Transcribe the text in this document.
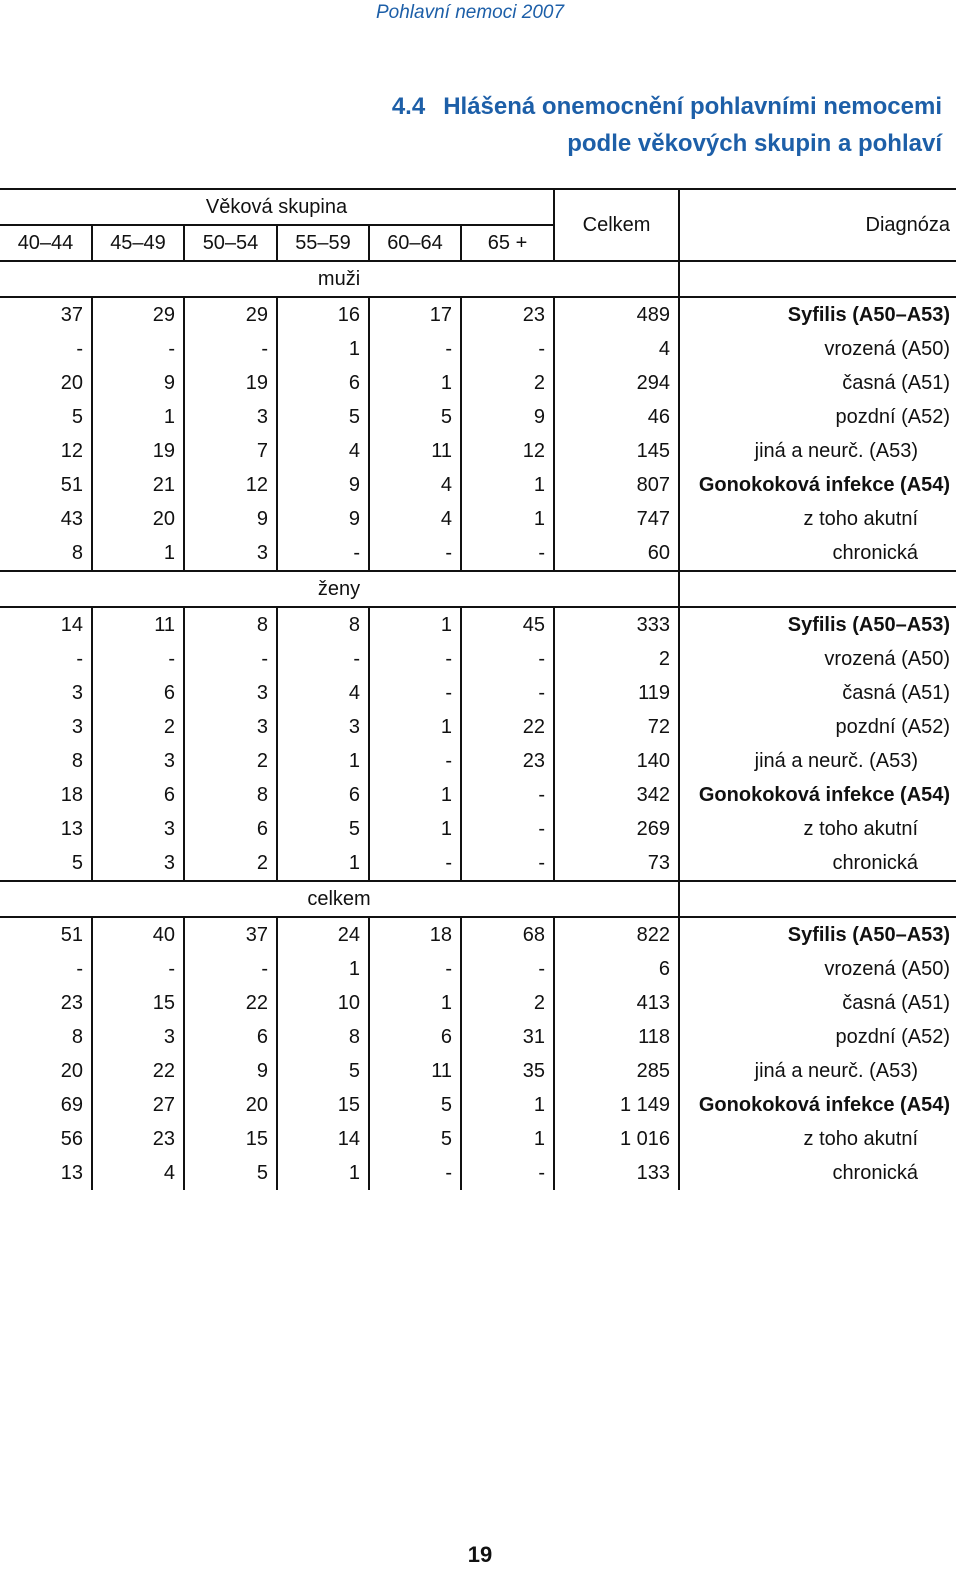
Pohlavní nemoci 2007
4.4 Hlášená onemocnění pohlavními nemocemi
podle věkových skupin a pohlaví
Věková skupina						Celkem	Diagnóza
40–44	45–49	50–54	55–59	60–64	65 +		
muži							
37	29	29	16	17	23	489	Syfilis (A50–A53)
-	-	-	1	-	-	4	vrozená (A50)
20	9	19	6	1	2	294	časná (A51)
5	1	3	5	5	9	46	pozdní (A52)
12	19	7	4	11	12	145	jiná a neurč. (A53)
51	21	12	9	4	1	807	Gonokoková infekce (A54)
43	20	9	9	4	1	747	z toho akutní
8	1	3	-	-	-	60	chronická
ženy							
14	11	8	8	1	45	333	Syfilis (A50–A53)
-	-	-	-	-	-	2	vrozená (A50)
3	6	3	4	-	-	119	časná (A51)
3	2	3	3	1	22	72	pozdní (A52)
8	3	2	1	-	23	140	jiná a neurč. (A53)
18	6	8	6	1	-	342	Gonokoková infekce (A54)
13	3	6	5	1	-	269	z toho akutní
5	3	2	1	-	-	73	chronická
celkem							
51	40	37	24	18	68	822	Syfilis (A50–A53)
-	-	-	1	-	-	6	vrozená (A50)
23	15	22	10	1	2	413	časná (A51)
8	3	6	8	6	31	118	pozdní (A52)
20	22	9	5	11	35	285	jiná a neurč. (A53)
69	27	20	15	5	1	1 149	Gonokoková infekce (A54)
56	23	15	14	5	1	1 016	z toho akutní
13	4	5	1	-	-	133	chronická
19
